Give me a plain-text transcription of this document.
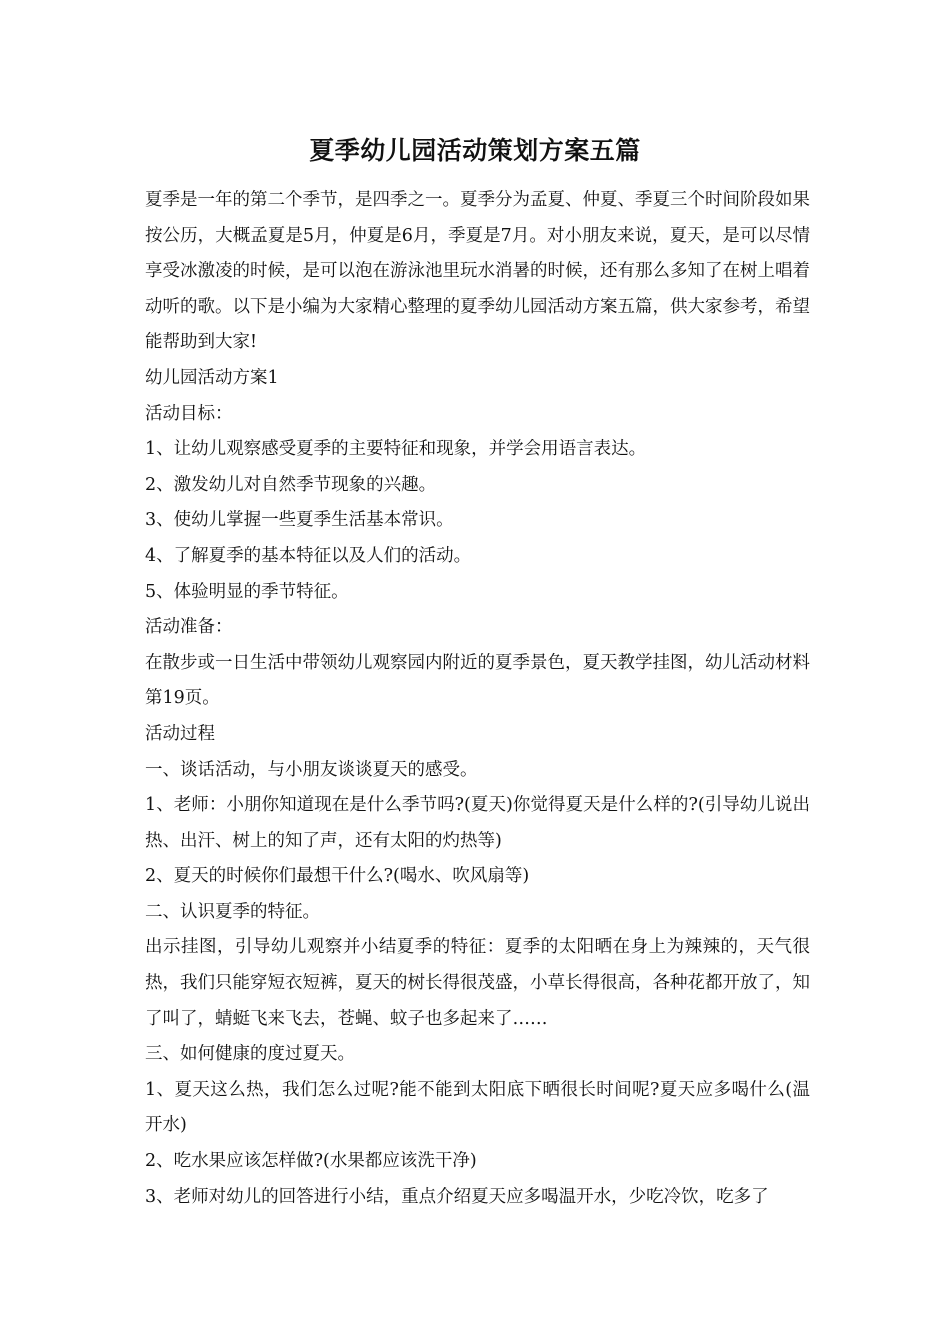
夏季幼儿园活动策划方案五篇

夏季是一年的第二个季节，是四季之一。夏季分为孟夏、仲夏、季夏三个时间阶段如果按公历，大概孟夏是5月，仲夏是6月，季夏是7月。对小朋友来说，夏天，是可以尽情享受冰激凌的时候，是可以泡在游泳池里玩水消暑的时候，还有那么多知了在树上唱着动听的歌。以下是小编为大家精心整理的夏季幼儿园活动方案五篇，供大家参考，希望能帮助到大家!

幼儿园活动方案1

活动目标：

1、让幼儿观察感受夏季的主要特征和现象，并学会用语言表达。

2、激发幼儿对自然季节现象的兴趣。

3、使幼儿掌握一些夏季生活基本常识。

4、了解夏季的基本特征以及人们的活动。

5、体验明显的季节特征。

活动准备：

在散步或一日生活中带领幼儿观察园内附近的夏季景色，夏天教学挂图，幼儿活动材料第19页。

活动过程

一、谈话活动，与小朋友谈谈夏天的感受。

1、老师：小朋你知道现在是什么季节吗?(夏天)你觉得夏天是什么样的?(引导幼儿说出热、出汗、树上的知了声，还有太阳的灼热等)

2、夏天的时候你们最想干什么?(喝水、吹风扇等)

二、认识夏季的特征。

出示挂图，引导幼儿观察并小结夏季的特征：夏季的太阳晒在身上为辣辣的，天气很热，我们只能穿短衣短裤，夏天的树长得很茂盛，小草长得很高，各种花都开放了，知了叫了，蜻蜓飞来飞去，苍蝇、蚊子也多起来了……

三、如何健康的度过夏天。

1、夏天这么热，我们怎么过呢?能不能到太阳底下晒很长时间呢?夏天应多喝什么(温开水)

2、吃水果应该怎样做?(水果都应该洗干净)

3、老师对幼儿的回答进行小结，重点介绍夏天应多喝温开水，少吃冷饮，吃多了
